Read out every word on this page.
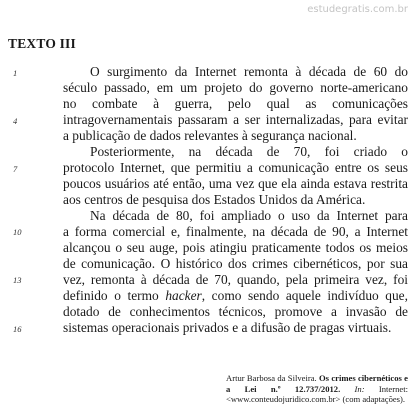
estudegratis.com.br
TEXTO III
1
4
7
10
13
16
O surgimento da Internet remonta à década de 60 do
século passado, em um projeto do governo norte-americano
no combate à guerra, pelo qual as comunicações
intragovernamentais passaram a ser internalizadas, para evitar
a publicação de dados relevantes à segurança nacional.
Posteriormente, na década de 70, foi criado o
protocolo Internet, que permitiu a comunicação entre os seus
poucos usuários até então, uma vez que ela ainda estava restrita
aos centros de pesquisa dos Estados Unidos da América.
Na década de 80, foi ampliado o uso da Internet para
a forma comercial e, finalmente, na década de 90, a Internet
alcançou o seu auge, pois atingiu praticamente todos os meios
de comunicação. O histórico dos crimes cibernéticos, por sua
vez, remonta à década de 70, quando, pela primeira vez, foi
definido o termo hacker, como sendo aquele indivíduo que,
dotado de conhecimentos técnicos, promove a invasão de
sistemas operacionais privados e a difusão de pragas virtuais.
Artur Barbosa da Silveira. Os crimes cibernéticos e a Lei n.º 12.737/2012. In: Internet: <www.conteudojuridico.com.br> (com adaptações).
